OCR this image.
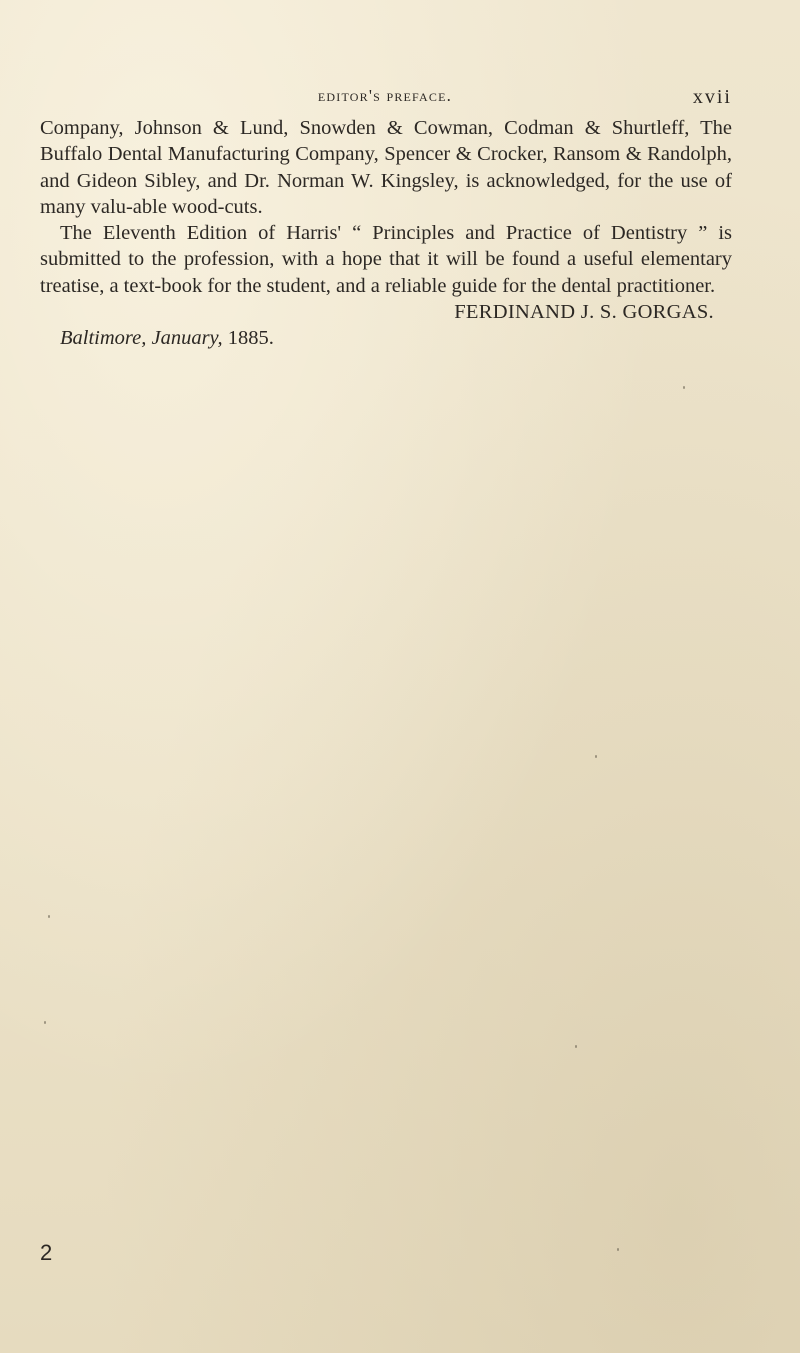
editor's preface.	xvii

Company, Johnson & Lund, Snowden & Cowman, Codman & Shurtleff, The Buffalo Dental Manufacturing Company, Spencer & Crocker, Ransom & Randolph, and Gideon Sibley, and Dr. Norman W. Kingsley, is acknowledged, for the use of many valu-able wood-cuts.

The Eleventh Edition of Harris' “ Principles and Practice of Dentistry ” is submitted to the profession, with a hope that it will be found a useful elementary treatise, a text-book for the student, and a reliable guide for the dental practitioner.

FERDINAND J. S. GORGAS.

Baltimore, January, 1885.

2
